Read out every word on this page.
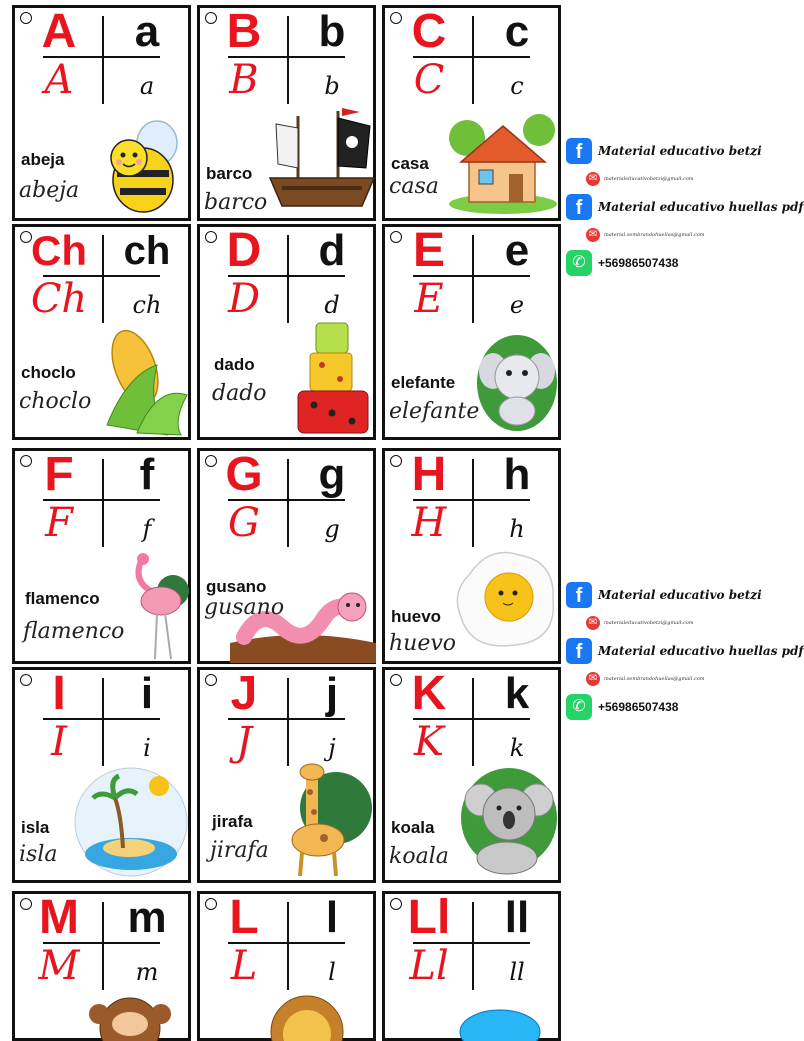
A	a
A	a
abeja
abeja
B	b
B	b
barco
barco
C	c
C	c
casa
casa
Ch ch
Ch	ch
choclo
choclo
D	d
D	d
dado
dado
E	e
E	e
elefante
elefante
F	f
F	f
flamenco
flamenco
G	g
G	g
gusano
gusano
H	h
H	h
huevo
huevo
I	i
I	i
isla
isla
J	j
J	j
jirafa
jirafa
K	k
K	k
koala
koala
M	m
M	m
L	l
L	l
Ll	ll
Ll	ll
f	Material educativo betzi
✉	materialeducativobetzi@gmail.com
f	Material educativo huellas pdf
✉	material.sembrandohuellas@gmail.com
✆	+56986507438
f	Material educativo betzi
✉	materialeducativobetzi@gmail.com
f	Material educativo huellas pdf
✉	material.sembrandohuellas@gmail.com
✆	+56986507438
